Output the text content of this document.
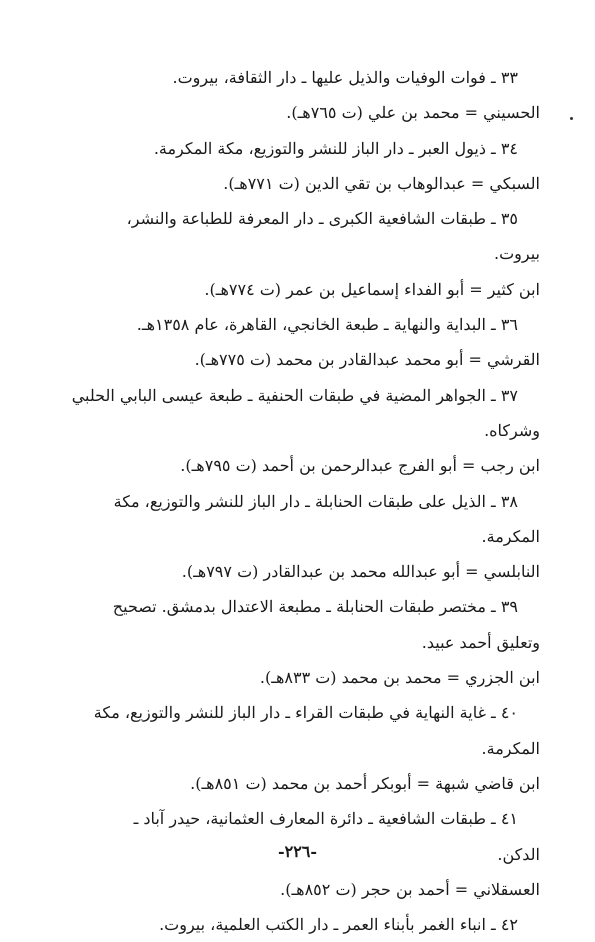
٣٣ ـ فوات الوفيات والذيل عليها ـ دار الثقافة، بيروت.
الحسيني = محمد بن علي (ت ٧٦٥هـ).
٣٤ ـ ذيول العبر ـ دار الباز للنشر والتوزيع، مكة المكرمة.
السبكي = عبدالوهاب بن تقي الدين (ت ٧٧١هـ).
٣٥ ـ طبقات الشافعية الكبرى ـ دار المعرفة للطباعة والنشر،
بيروت.
ابن كثير = أبو الفداء إسماعيل بن عمر (ت ٧٧٤هـ).
٣٦ ـ البداية والنهاية ـ طبعة الخانجي، القاهرة، عام ١٣٥٨هـ.
القرشي = أبو محمد عبدالقادر بن محمد (ت ٧٧٥هـ).
٣٧ ـ الجواهر المضية في طبقات الحنفية ـ طبعة عيسى البابي الحلبي
وشركاه.
ابن رجب = أبو الفرج عبدالرحمن بن أحمد (ت ٧٩٥هـ).
٣٨ ـ الذيل على طبقات الحنابلة ـ دار الباز للنشر والتوزيع، مكة
المكرمة.
النابلسي = أبو عبدالله محمد بن عبدالقادر (ت ٧٩٧هـ).
٣٩ ـ مختصر طبقات الحنابلة ـ مطبعة الاعتدال بدمشق. تصحيح
وتعليق أحمد عبيد.
ابن الجزري = محمد بن محمد (ت ٨٣٣هـ).
٤٠ ـ غاية النهاية في طبقات القراء ـ دار الباز للنشر والتوزيع، مكة
المكرمة.
ابن قاضي شبهة = أبوبكر أحمد بن محمد (ت ٨٥١هـ).
٤١ ـ طبقات الشافعية ـ دائرة المعارف العثمانية، حيدر آباد ـ
الدكن.
العسقلاني = أحمد بن حجر (ت ٨٥٢هـ).
٤٢ ـ انباء الغمر بأبناء العمر ـ دار الكتب العلمية، بيروت.
-٢٢٦-
